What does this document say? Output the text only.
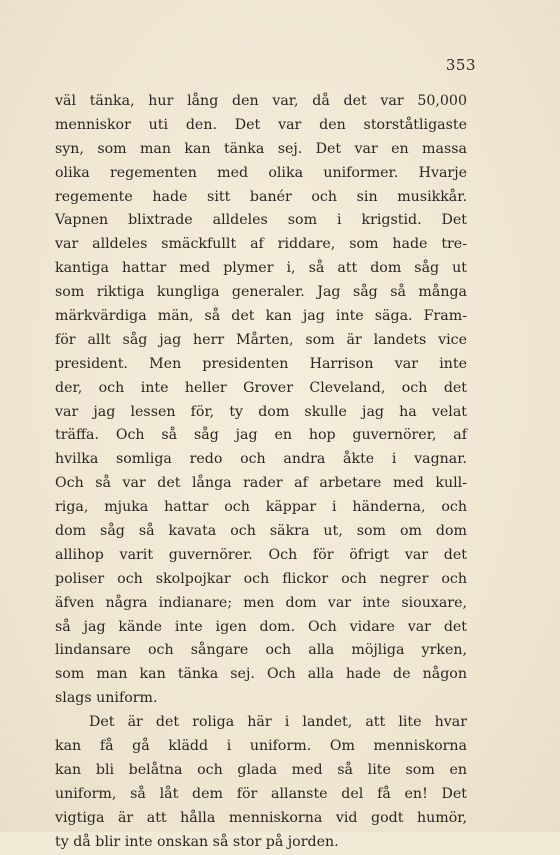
353
väl tänka, hur lång den var, då det var 50,000
menniskor uti den. Det var den storståtligaste
syn, som man kan tänka sej. Det var en massa
olika regementen med olika uniformer. Hvarje
regemente hade sitt banér och sin musikkår.
Vapnen blixtrade alldeles som i krigstid. Det
var alldeles smäckfullt af riddare, som hade tre-
kantiga hattar med plymer i, så att dom såg ut
som riktiga kungliga generaler. Jag såg så många
märkvärdiga män, så det kan jag inte säga. Fram-
för allt såg jag herr Mårten, som är landets vice
president. Men presidenten Harrison var inte
der, och inte heller Grover Cleveland, och det
var jag lessen för, ty dom skulle jag ha velat
träffa. Och så såg jag en hop guvernörer, af
hvilka somliga redo och andra åkte i vagnar.
Och så var det långa rader af arbetare med kull-
riga, mjuka hattar och käppar i händerna, och
dom såg så kavata och säkra ut, som om dom
allihop varit guvernörer. Och för öfrigt var det
poliser och skolpojkar och flickor och negrer och
äfven några indianare; men dom var inte siouxare,
så jag kände inte igen dom. Och vidare var det
lindansare och sångare och alla möjliga yrken,
som man kan tänka sej. Och alla hade de någon
slags uniform.
Det är det roliga här i landet, att lite hvar
kan få gå klädd i uniform. Om menniskorna
kan bli belåtna och glada med så lite som en
uniform, så låt dem för allanste del få en! Det
vigtiga är att hålla menniskorna vid godt humör,
ty då blir inte onskan så stor på jorden.
